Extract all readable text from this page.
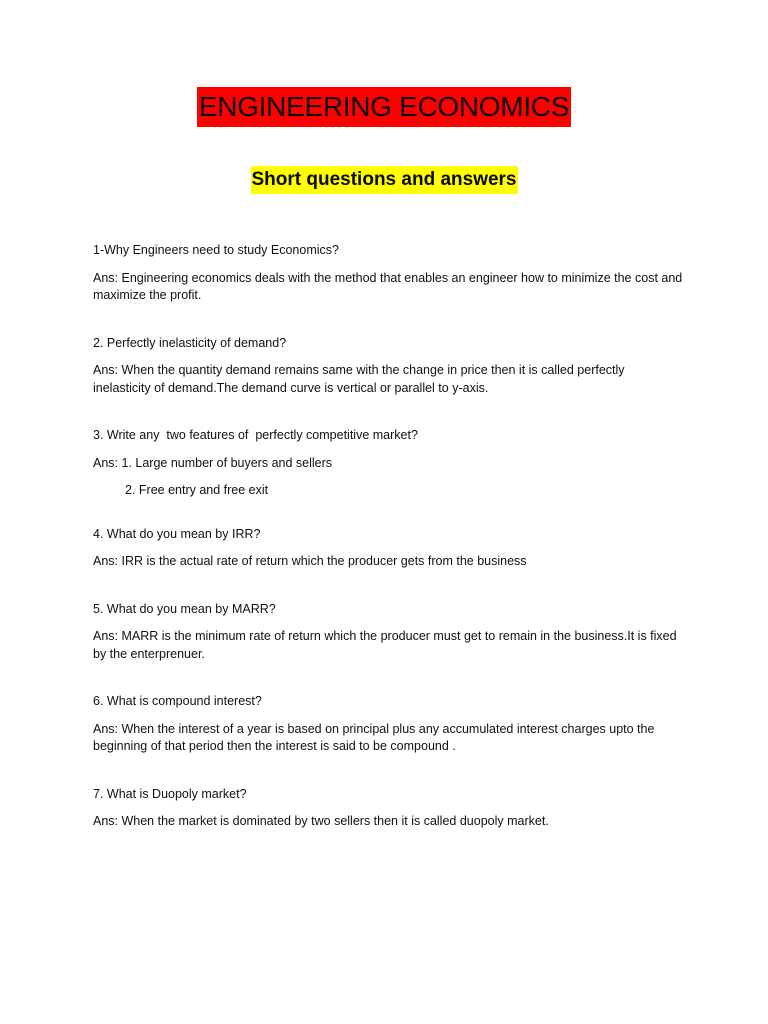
ENGINEERING ECONOMICS
Short questions and answers

1-Why Engineers need to study Economics?

Ans: Engineering economics deals with the method that enables an engineer how to minimize the cost and maximize the profit.

2. Perfectly inelasticity of demand?

Ans: When the quantity demand remains same with the change in price then it is called perfectly inelasticity of demand.The demand curve is vertical or parallel to y-axis.

3. Write any  two features of  perfectly competitive market?

Ans: 1. Large number of buyers and sellers

2. Free entry and free exit

4. What do you mean by IRR?

Ans: IRR is the actual rate of return which the producer gets from the business

5. What do you mean by MARR?

Ans: MARR is the minimum rate of return which the producer must get to remain in the business.It is fixed by the enterprenuer.

6. What is compound interest?

Ans: When the interest of a year is based on principal plus any accumulated interest charges upto the beginning of that period then the interest is said to be compound .

7. What is Duopoly market?

Ans: When the market is dominated by two sellers then it is called duopoly market.
